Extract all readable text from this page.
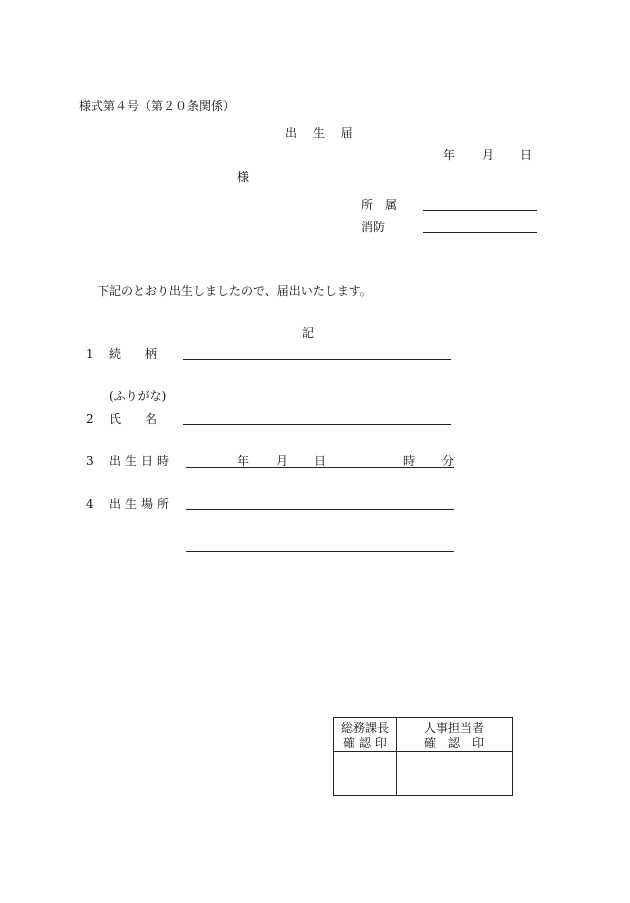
様式第４号（第２０条関係）
出 生 届
年 月 日
様
所　属
消防
下記のとおり出生しましたので、届出いたします。
記
1 続　　柄
(ふりがな)
2 氏　　名
3 出生日時	年 月 日	時 分
4 出生場所
総務課長
確 認 印
人事担当者
確　認　印
